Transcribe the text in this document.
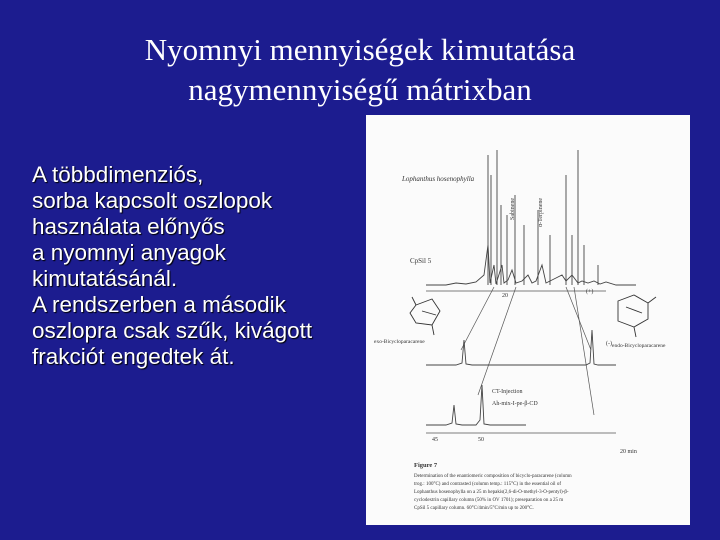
Nyomnyi mennyiségek kimutatása
nagymennyiségű mátrixban
A többdimenziós,
sorba kapcsolt oszlopok
használata előnyős
a nyomnyi anyagok
kimutatásánál.
A rendszerben a második
oszlopra csak szűk, kivágott
frakciót engedtek át.
Lophanthus hosenophylla
CpSil 5
Sabinene	α-Terpinene
20
(-)
(+)
exo-Bicycloparacarene
endo-Bicycloparacarene
CT-Injection
Ah-mix-I-pe-β-CD
45	50
20 min
Figure 7
Determination of the enantiomeric composition of bicyclo-paracarene (column
trog.: 100°C) and contrasted (column temp.: 115°C) in the essential oil of
Lophanthus hosenophylla on a 25 m hepakis(2,6-di-O-methyl-3-O-pentyl)-β-
cyclodextrin capillary column (50% in OV 1701); preseparation on a 25 m
CpSil 5 capillary column. 60°C/4min/5°C/min up to 200°C.
